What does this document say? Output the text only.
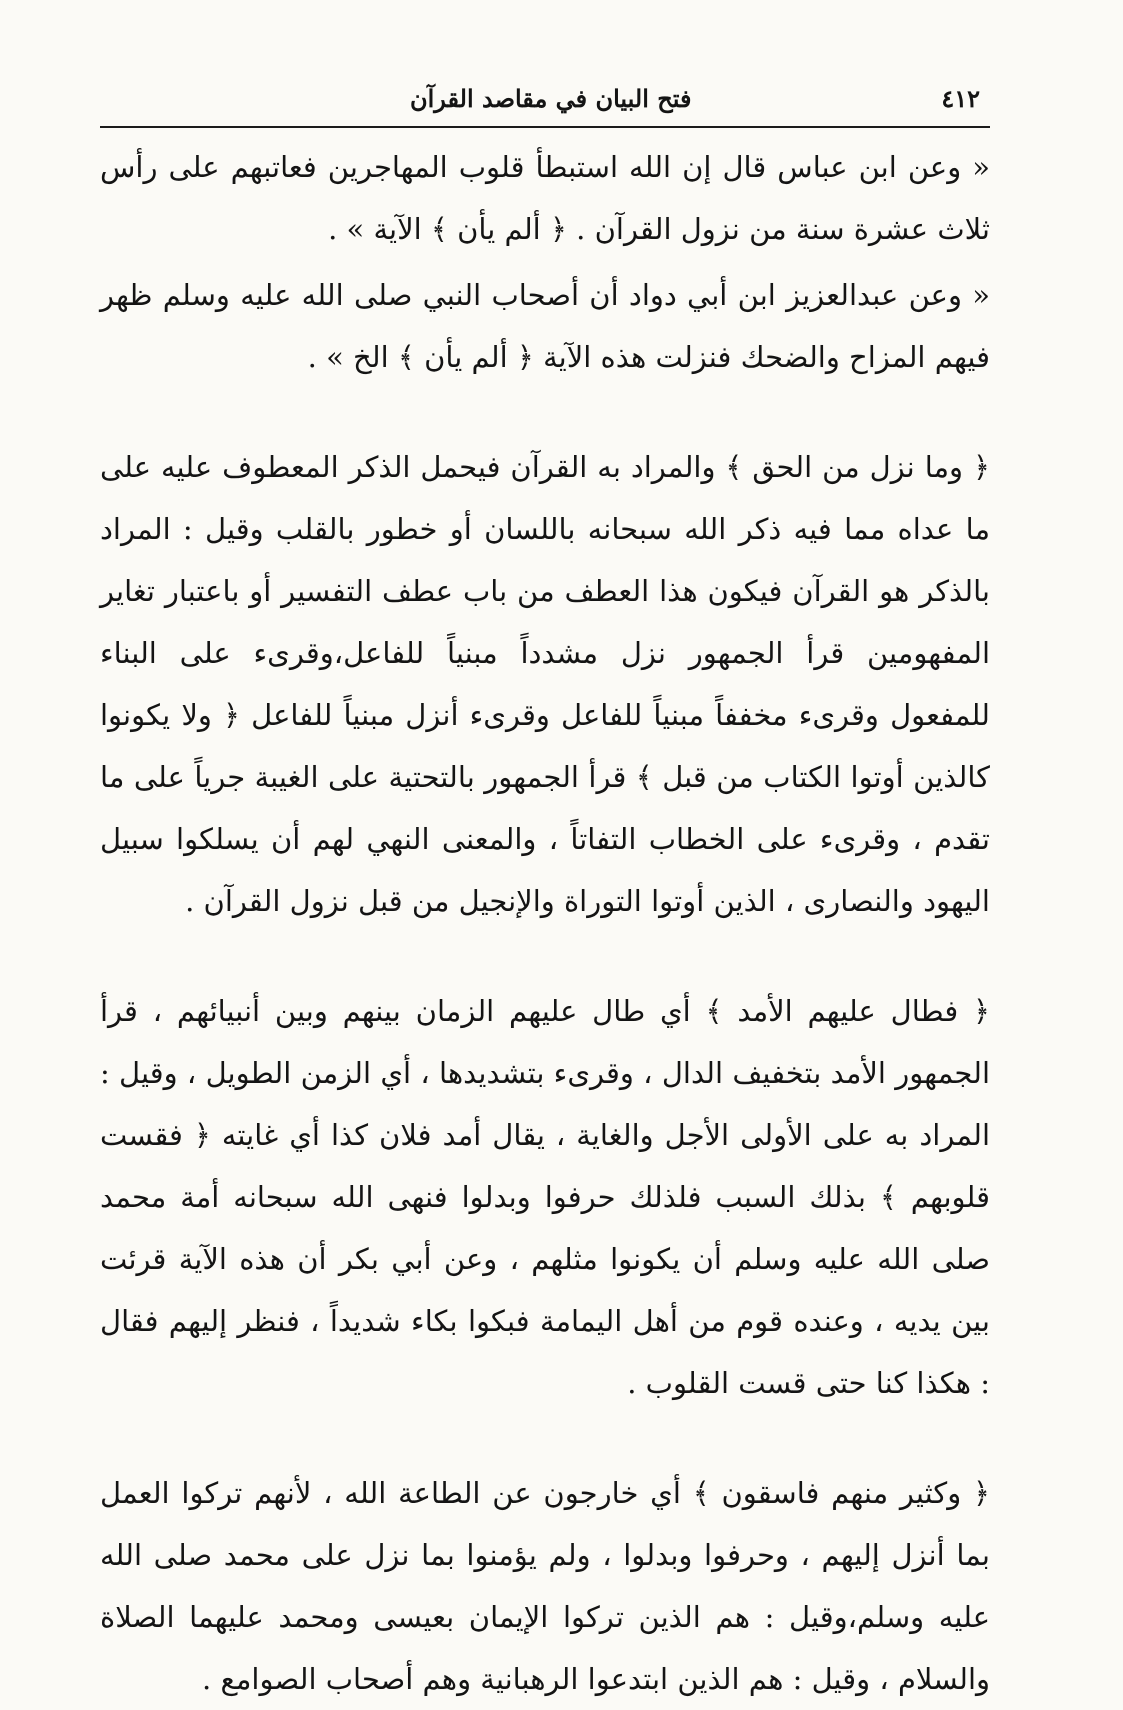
٤١٢
فتح البيان في مقاصد القرآن

« وعن ابن عباس قال إن الله استبطأ قلوب المهاجرين فعاتبهم على رأس ثلاث عشرة سنة من نزول القرآن . ﴿ ألم يأن ﴾ الآية » .

« وعن عبدالعزيز ابن أبي دواد أن أصحاب النبي صلى الله عليه وسلم ظهر فيهم المزاح والضحك فنزلت هذه الآية ﴿ ألم يأن ﴾ الخ » .

﴿ وما نزل من الحق ﴾ والمراد به القرآن فيحمل الذكر المعطوف عليه على ما عداه مما فيه ذكر الله سبحانه باللسان أو خطور بالقلب وقيل : المراد بالذكر هو القرآن فيكون هذا العطف من باب عطف التفسير أو باعتبار تغاير المفهومين قرأ الجمهور نزل مشدداً مبنياً للفاعل،وقرىء على البناء للمفعول وقرىء مخففاً مبنياً للفاعل وقرىء أنزل مبنياً للفاعل ﴿ ولا يكونوا كالذين أوتوا الكتاب من قبل ﴾ قرأ الجمهور بالتحتية على الغيبة جرياً على ما تقدم ، وقرىء على الخطاب التفاتاً ، والمعنى النهي لهم أن يسلكوا سبيل اليهود والنصارى ، الذين أوتوا التوراة والإنجيل من قبل نزول القرآن .

﴿ فطال عليهم الأمد ﴾ أي طال عليهم الزمان بينهم وبين أنبيائهم ، قرأ الجمهور الأمد بتخفيف الدال ، وقرىء بتشديدها ، أي الزمن الطويل ، وقيل : المراد به على الأولى الأجل والغاية ، يقال أمد فلان كذا أي غايته ﴿ فقست قلوبهم ﴾ بذلك السبب فلذلك حرفوا وبدلوا فنهى الله سبحانه أمة محمد صلى الله عليه وسلم أن يكونوا مثلهم ، وعن أبي بكر أن هذه الآية قرئت بين يديه ، وعنده قوم من أهل اليمامة فبكوا بكاء شديداً ، فنظر إليهم فقال : هكذا كنا حتى قست القلوب .

﴿ وكثير منهم فاسقون ﴾ أي خارجون عن الطاعة الله ، لأنهم تركوا العمل بما أنزل إليهم ، وحرفوا وبدلوا ، ولم يؤمنوا بما نزل على محمد صلى الله عليه وسلم،وقيل : هم الذين تركوا الإيمان بعيسى ومحمد عليهما الصلاة والسلام ، وقيل : هم الذين ابتدعوا الرهبانية وهم أصحاب الصوامع .
